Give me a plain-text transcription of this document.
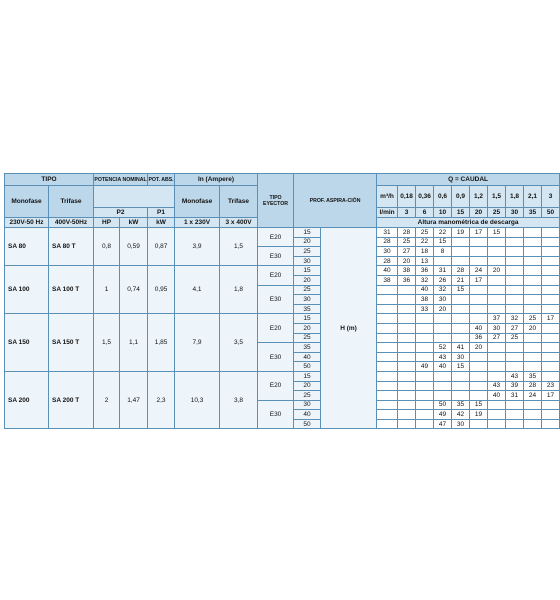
TIPO		POTENCIA NOMINAL		POT. ABS.	In (Ampere)		TIPO EYECTOR	PROF. ASPIRA-CIÓN		Q = CAUDAL										
Monofase	Trifase				Monofase	Trifase				m³/h	0,18	0,36	0,6	0,9	1,2	1,5	1,8	2,1	3	
		P2		P1						l/min	3	6	10	15	20	25	30	35	50	
230V-50 Hz	400V-50Hz	HP	kW	kW	1 x 230V	3 x 400V				Altura manométrica de descarga										
SA 80	SA 80 T	0,8	0,59	0,87	3,9	1,5	E20	15	H (m)	31	28	25	22	19	17	15				
								20		28	25	22	15							
							E30	25		30	27	18	8							
								30		28	20	13								
SA 100	SA 100 T	1	0,74	0,95	4,1	1,8	E20	15		40	38	36	31	28	24	20				
								20		38	36	32	26	21	17					
							E30	25				40	32	15						
								30				38	30							
								35				33	20							
SA 150	SA 150 T	1,5	1,1	1,85	7,9	3,5	E20	15								37	32	25	17	
								20							40	30	27	20		
								25							36	27	25			
							E30	35					52	41	20					
								40					43	30						
								50				49	40	15						
SA 200	SA 200 T	2	1,47	2,3	10,3	3,8	E20	15									43	35		
								20								43	39	28	23	
								25								40	31	24	17	
							E30	30					50	35	15					
								40					49	42	19					
								50					47	30						
